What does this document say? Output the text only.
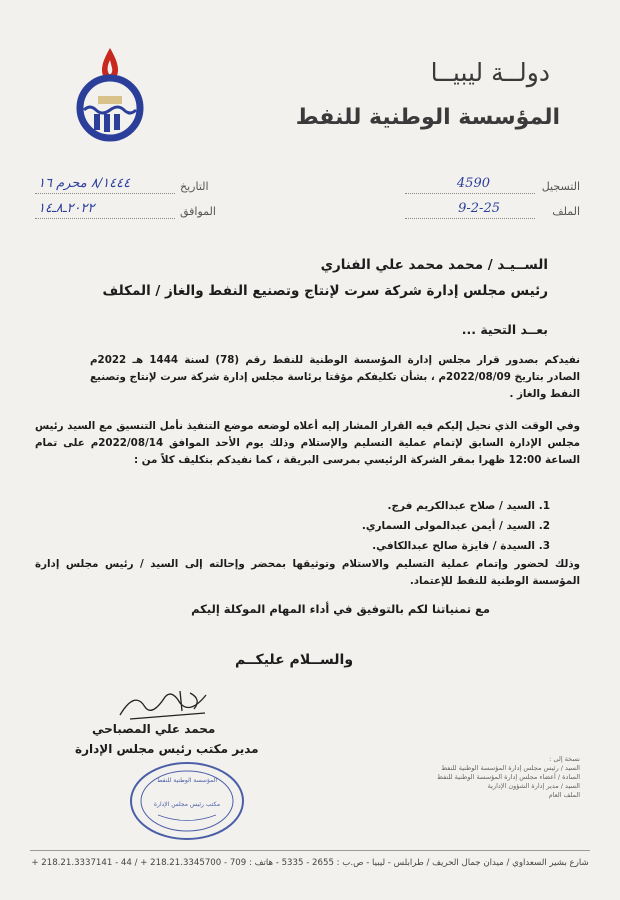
دولــة ليبيــا
المؤسسة الوطنية للنفط
التسجيل
4590
الملف
9-2-25
التاريخ
٨/١٤٤٤ محرم ١٦
الموافق
٢٠٢٢ـ٨ـ١٤
الســيـد / محمد محمد علي الفناري
رئيس مجلس إدارة شركة سرت لإنتاج وتصنيع النفط والغاز / المكلف
بعــد التحية ...
نفيدكم بصدور قرار مجلس إدارة المؤسسة الوطنية للنفط رقم (78) لسنة 1444 هـ 2022م الصادر بتاريخ 2022/08/09م ، بشأن تكليفكم مؤقتا برئاسة مجلس إدارة شركة سرت لإنتاج وتصنيع النفط والغاز .
وفي الوقت الذي نحيل إليكم فيه القرار المشار إليه أعلاه لوضعه موضع التنفيذ نأمل التنسيق مع السيد رئيس مجلس الإدارة السابق لإتمام عملية التسليم والإستلام وذلك يوم الأحد الموافق 2022/08/14م على تمام الساعة 12:00 ظهرا بمقر الشركة الرئيسي بمرسى البريقة ، كما نفيدكم بتكليف كلاً من :
1. السيد / صلاح عبدالكريم فرج.
2. السيد / أيمن عبدالمولى السماري.
3. السيدة / فايزة صالح عبدالكافي.
وذلك لحضور وإتمام عملية التسليم والاستلام وتوثيقها بمحضر وإحالته إلى السيد / رئيس مجلس إدارة المؤسسة الوطنية للنفط للإعتماد.
مع تمنياتنا لكم بالتوفيق في أداء المهام الموكلة إليكم
والســلام عليكــم
محمد علي المصباحي
مدير مكتب رئيس مجلس الإدارة
المؤسسة الوطنية للنفط
مكتب رئيس مجلس الإدارة
نسخة إلى :
السيد / رئيس مجلس إدارة المؤسسة الوطنية للنفط
السادة / أعضاء مجلس إدارة المؤسسة الوطنية للنفط
السيد / مدير إدارة الشؤون الإدارية
الملف العام
شارع بشير السعداوي / ميدان جمال الحريف / طرابلس - ليبيا - ص.ب : 2655 - 5335 - هاتف : 709 - 218.21.3345700 + / 44 - 218.21.3337141 +
